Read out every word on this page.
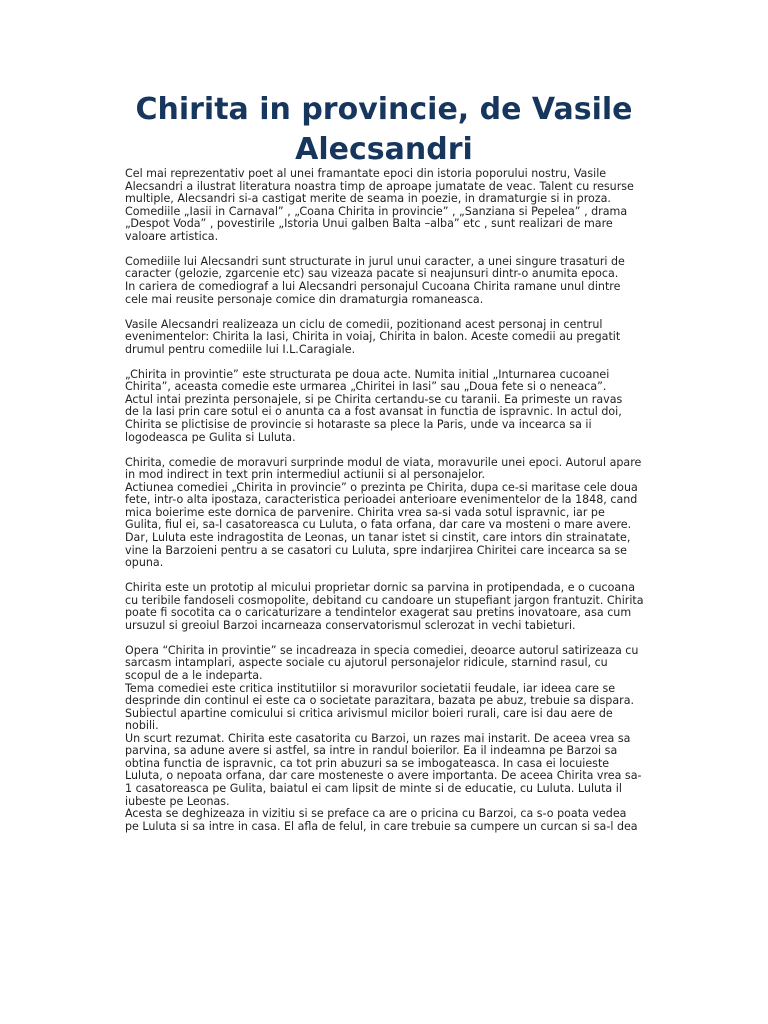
Chirita in provincie, de Vasile Alecsandri

Cel mai reprezentativ poet al unei framantate epoci din istoria poporului nostru, Vasile

Alecsandri a ilustrat literatura noastra timp de aproape jumatate de veac. Talent cu resurse

multiple, Alecsandri si-a castigat merite de seama in poezie, in dramaturgie si in proza.

Comediile „Iasii in Carnaval” , „Coana Chirita in provincie” , „Sanziana si Pepelea” , drama

„Despot Voda” , povestirile „Istoria Unui galben Balta –alba” etc , sunt realizari de mare

valoare artistica.

Comediile lui Alecsandri sunt structurate in jurul unui caracter, a unei singure trasaturi de

caracter (gelozie, zgarcenie etc) sau vizeaza pacate si neajunsuri dintr-o anumita epoca.

In cariera de comediograf a lui Alecsandri personajul Cucoana Chirita ramane unul dintre

cele mai reusite personaje comice din dramaturgia romaneasca.

Vasile Alecsandri realizeaza un ciclu de comedii, pozitionand acest personaj in centrul

evenimentelor: Chirita la Iasi, Chirita in voiaj, Chirita in balon. Aceste comedii au pregatit

drumul pentru comediile lui I.L.Caragiale.

„Chirita in provintie” este structurata pe doua acte. Numita initial „Inturnarea cucoanei

Chirita”, aceasta comedie este urmarea „Chiritei in Iasi” sau „Doua fete si o neneaca”.

Actul intai prezinta personajele, si pe Chirita certandu-se cu taranii. Ea primeste un ravas

de la Iasi prin care sotul ei o anunta ca a fost avansat in functia de ispravnic. In actul doi,

Chirita se plictisise de provincie si hotaraste sa plece la Paris, unde va incearca sa ii

logodeasca pe Gulita si Luluta.

Chirita, comedie de moravuri surprinde modul de viata, moravurile unei epoci. Autorul apare

in mod indirect in text prin intermediul actiunii si al personajelor.

Actiunea comediei „Chirita in provincie” o prezinta pe Chirita, dupa ce-si maritase cele doua

fete, intr-o alta ipostaza, caracteristica perioadei anterioare evenimentelor de la 1848, cand

mica boierime este dornica de parvenire. Chirita vrea sa-si vada sotul ispravnic, iar pe

Gulita, fiul ei, sa-l casatoreasca cu Luluta, o fata orfana, dar care va mosteni o mare avere.

Dar, Luluta este indragostita de Leonas, un tanar istet si cinstit, care intors din strainatate,

vine la Barzoieni pentru a se casatori cu Luluta, spre indarjirea Chiritei care incearca sa se

opuna.

Chirita este un prototip al micului proprietar dornic sa parvina in protipendada, e o cucoana

cu teribile fandoseli cosmopolite, debitand cu candoare un stupefiant jargon frantuzit. Chirita

poate fi socotita ca o caricaturizare a tendintelor exagerat sau pretins inovatoare, asa cum

ursuzul si greoiul Barzoi incarneaza conservatorismul sclerozat in vechi tabieturi.

Opera “Chirita in provintie” se incadreaza in specia comediei, deoarce autorul satirizeaza cu

sarcasm intamplari, aspecte sociale cu ajutorul personajelor ridicule, starnind rasul, cu

scopul de a le indeparta.

Tema comediei este critica institutiilor si moravurilor societatii feudale, iar ideea care se

desprinde din continul ei este ca o societate parazitara, bazata pe abuz, trebuie sa dispara.

Subiectul apartine comicului si critica arivismul micilor boieri rurali, care isi dau aere de

nobili.

Un scurt rezumat. Chirita este casatorita cu Barzoi, un razes mai instarit. De aceea vrea sa

parvina, sa adune avere si astfel, sa intre in randul boierilor. Ea il indeamna pe Barzoi sa

obtina functia de ispravnic, ca tot prin abuzuri sa se imbogateasca. In casa ei locuieste

Luluta, o nepoata orfana, dar care mosteneste o avere importanta. De aceea Chirita vrea sa-

1 casatoreasca pe Gulita, baiatul ei cam lipsit de minte si de educatie, cu Luluta. Luluta il

iubeste pe Leonas.

Acesta se deghizeaza in vizitiu si se preface ca are o pricina cu Barzoi, ca s-o poata vedea

pe Luluta si sa intre in casa. El afla de felul, in care trebuie sa cumpere un curcan si sa-l dea
